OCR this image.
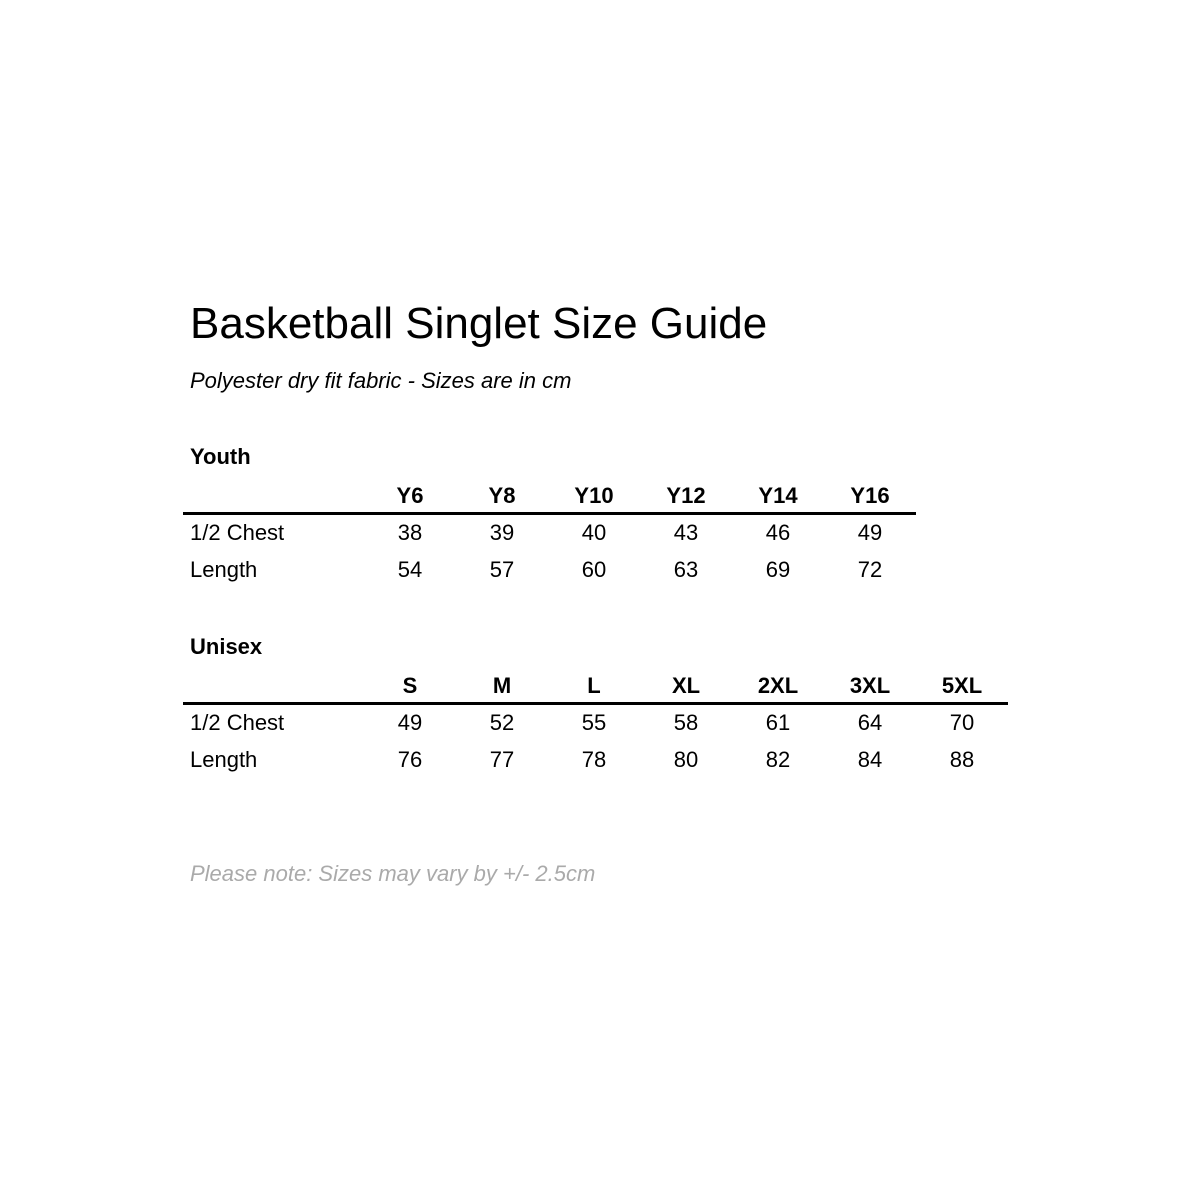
Basketball Singlet Size Guide

Polyester dry fit fabric - Sizes are in cm

Youth
	Y6	Y8	Y10	Y12	Y14	Y16
1/2 Chest	38	39	40	43	46	49
Length	54	57	60	63	69	72
Unisex
	S	M	L	XL	2XL	3XL	5XL
1/2 Chest	49	52	55	58	61	64	70
Length	76	77	78	80	82	84	88

Please note: Sizes may vary by +/- 2.5cm
